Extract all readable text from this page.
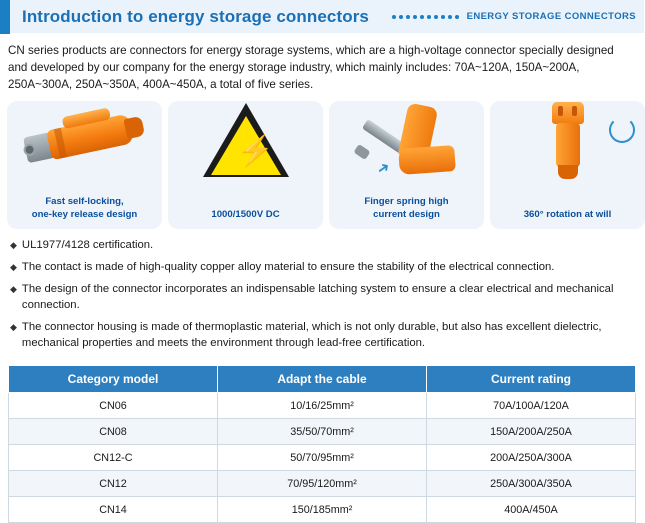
Introduction to energy storage connectors	ENERGY STORAGE CONNECTORS
CN series products are connectors for energy storage systems, which are a high-voltage connector specially designed and developed by our company for the energy storage industry, which mainly includes: 70A~120A, 150A~200A, 250A~300A, 250A~350A, 400A~450A, a total of five series.
Fast self-locking,
one-key release design
⚡
1000/1500V DC
➜
Finger spring high
current design	360° rotation at will
◆ UL1977/4128 certification.
◆ The contact is made of high-quality copper alloy material to ensure the stability of the electrical connection.
◆ The design of the connector incorporates an indispensable latching system to ensure a clear electrical and mechanical connection.
◆ The connector housing is made of thermoplastic material, which is not only durable, but also has excellent dielectric, mechanical properties and meets the environment through lead-free certification.
Category model	Adapt the cable	Current rating
CN06	10/16/25mm²	70A/100A/120A
CN08	35/50/70mm²	150A/200A/250A
CN12-C	50/70/95mm²	200A/250A/300A
CN12	70/95/120mm²	250A/300A/350A
CN14	150/185mm²	400A/450A
